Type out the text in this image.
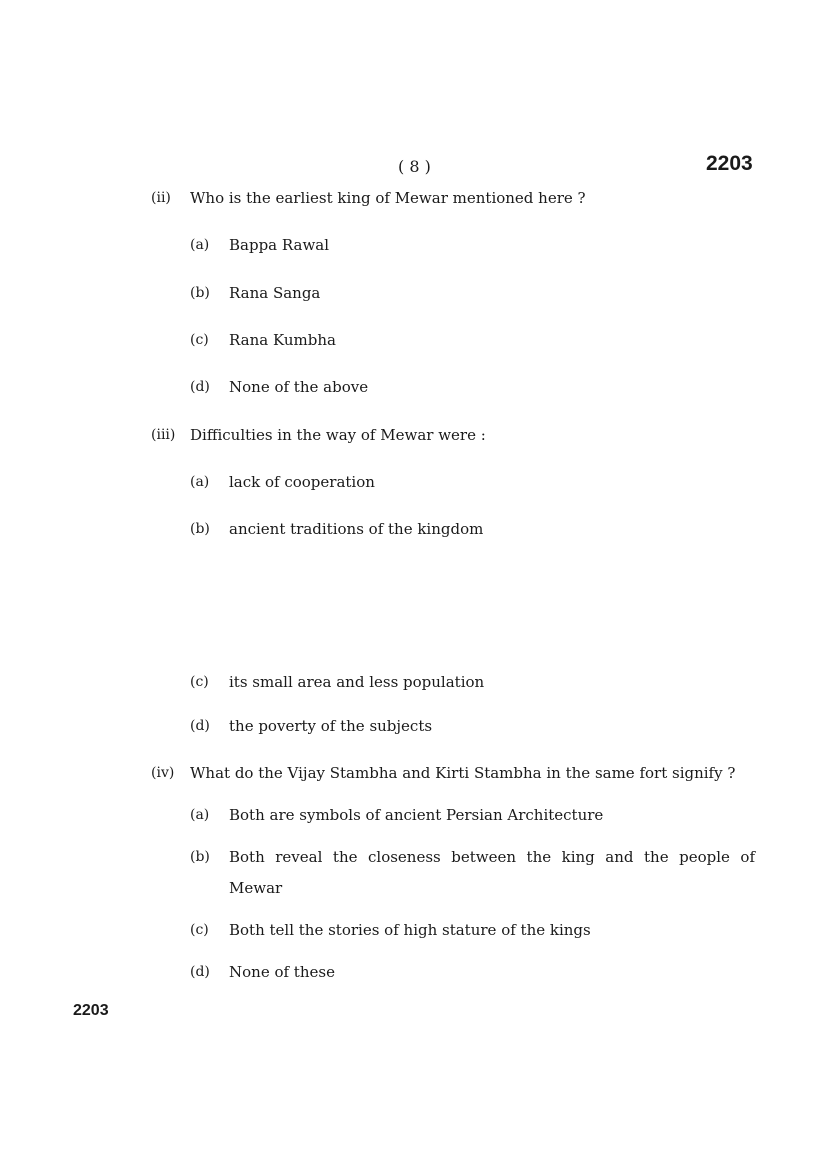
( 8 )	2203
(ii) Who is the earliest king of Mewar mentioned here ?
(a) Bappa Rawal
(b) Rana Sanga
(c) Rana Kumbha
(d) None of the above
(iii) Difficulties in the way of Mewar were :
(a) lack of cooperation
(b) ancient traditions of the kingdom
(c) its small area and less population
(d) the poverty of the subjects
(iv) What do the Vijay Stambha and Kirti Stambha in the same fort signify ?
(a) Both are symbols of ancient Persian Architecture
(b) Both reveal the closeness between the king and the people of
Mewar
(c) Both tell the stories of high stature of the kings
(d) None of these
2203
